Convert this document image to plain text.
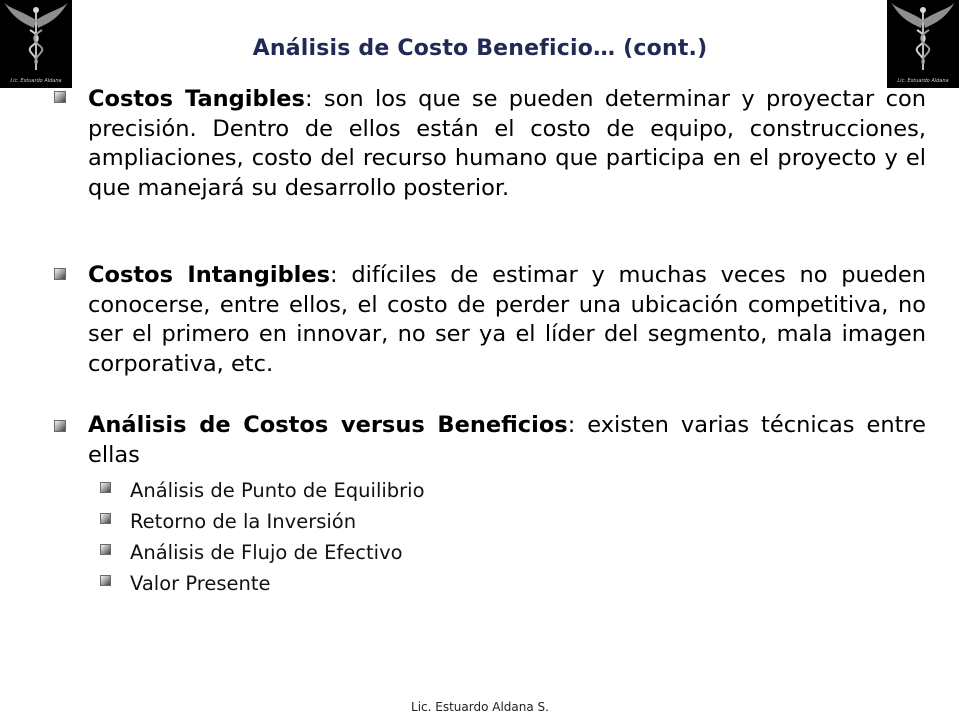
Lic. Estuardo Aldana	Lic. Estuardo Aldana
Análisis de Costo Beneficio… (cont.)
Costos Tangibles: son los que se pueden determinar y proyectar con precisión. Dentro de ellos están el costo de equipo, construcciones, ampliaciones, costo del recurso humano que participa en el proyecto y el que manejará su desarrollo posterior.
Costos Intangibles: difíciles de estimar y muchas veces no pueden conocerse, entre ellos, el costo de perder una ubicación competitiva, no ser el primero en innovar, no ser ya el líder del segmento, mala imagen corporativa, etc.
Análisis de Costos versus Beneficios: existen varias técnicas entre ellas
Análisis de Punto de Equilibrio
Retorno de la Inversión
Análisis de Flujo de Efectivo
Valor Presente
Lic. Estuardo Aldana S.
